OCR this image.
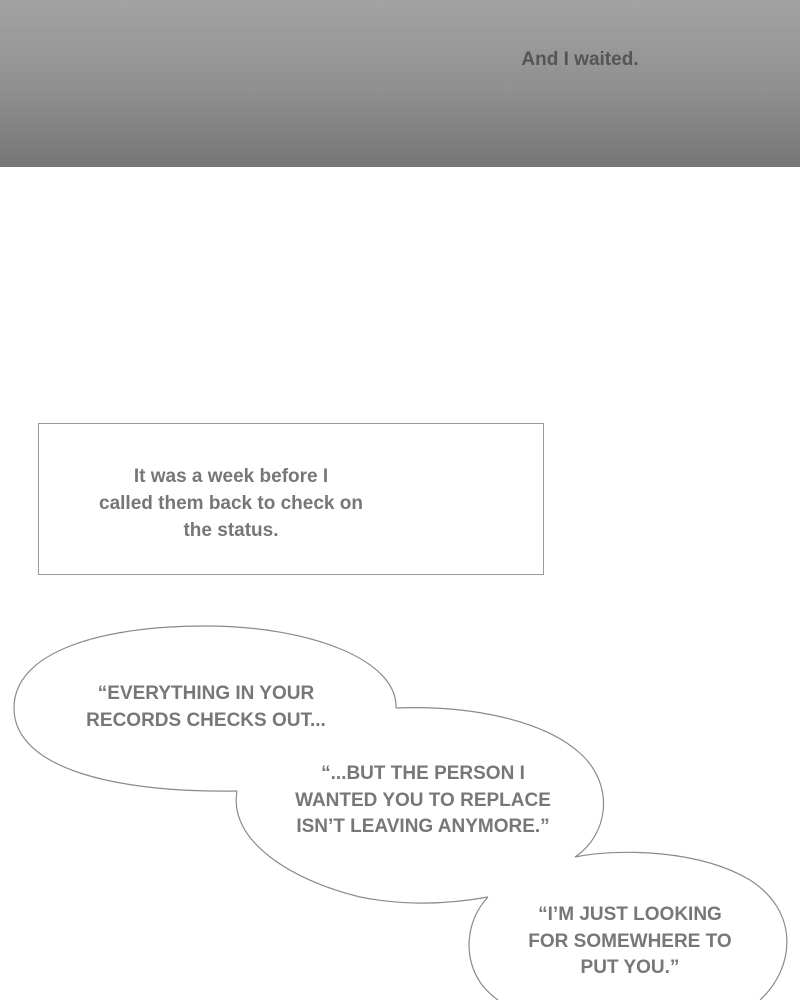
And I waited.
It was a week before I
called them back to check on
the status.
“EVERYTHING IN YOUR
RECORDS CHECKS OUT...
“...BUT THE PERSON I
WANTED YOU TO REPLACE
ISN’T LEAVING ANYMORE.”
“I’M JUST LOOKING
FOR SOMEWHERE TO
PUT YOU.”
